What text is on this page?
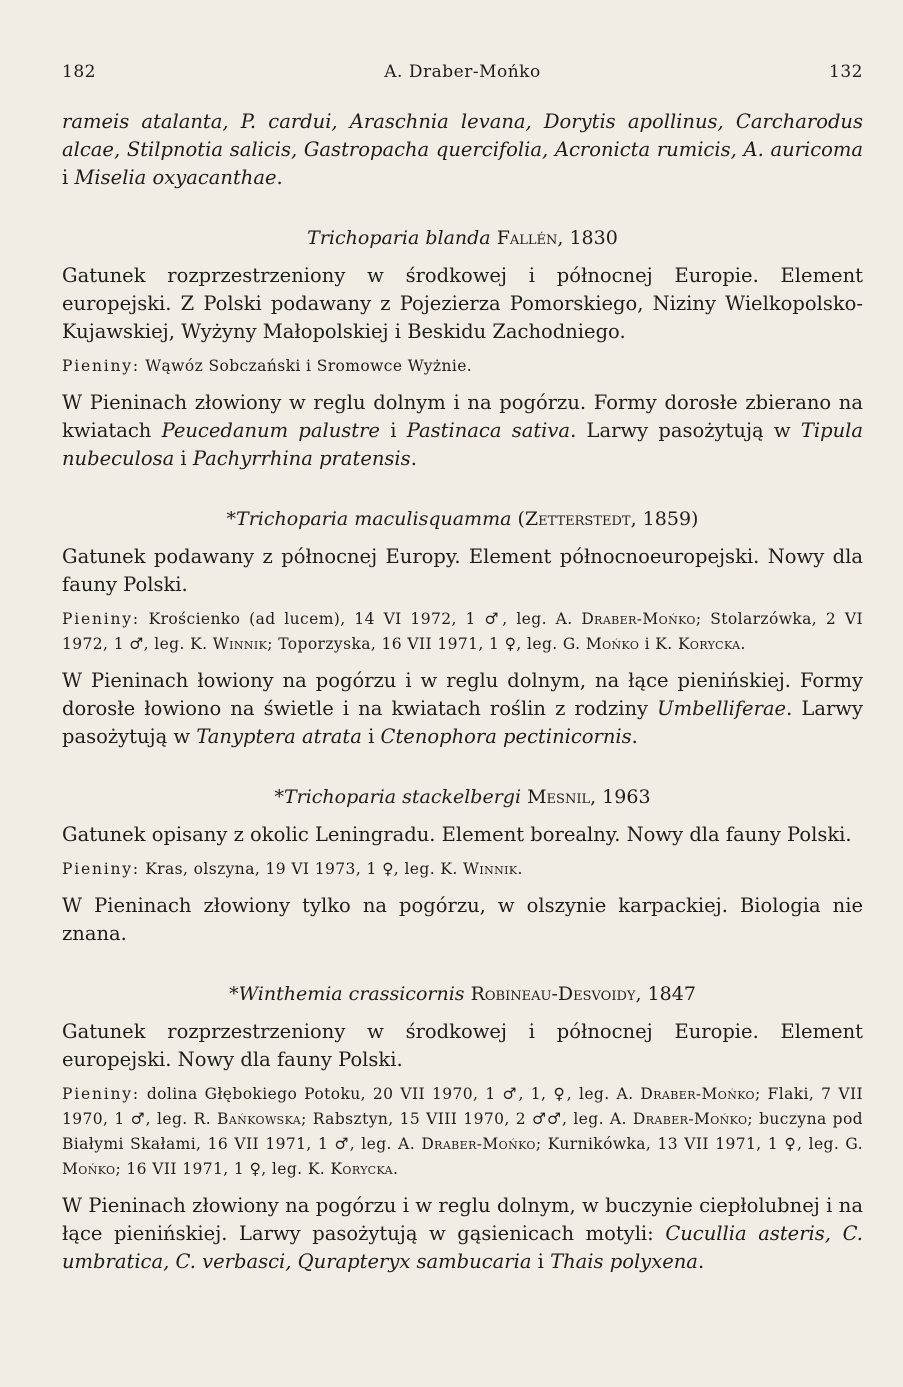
182	A. Draber-Mońko	132

rameis atalanta, P. cardui, Araschnia levana, Dorytis apollinus, Carcharodus alcae, Stilpnotia salicis, Gastropacha quercifolia, Acronicta rumicis, A. auricoma i Miselia oxyacanthae.

Trichoparia blanda Fallén, 1830

Gatunek rozprzestrzeniony w środkowej i północnej Europie. Element europejski. Z Polski podawany z Pojezierza Pomorskiego, Niziny Wielkopolsko-Kujawskiej, Wyżyny Małopolskiej i Beskidu Zachodniego.

Pieniny: Wąwóz Sobczański i Sromowce Wyżnie.

W Pieninach złowiony w reglu dolnym i na pogórzu. Formy dorosłe zbierano na kwiatach Peucedanum palustre i Pastinaca sativa. Larwy pasożytują w Tipula nubeculosa i Pachyrrhina pratensis.

*Trichoparia maculisquamma (Zetterstedt, 1859)

Gatunek podawany z północnej Europy. Element północnoeuropejski. Nowy dla fauny Polski.

Pieniny: Krościenko (ad lucem), 14 VI 1972, 1 ♂, leg. A. Draber-Mońko; Stolarzówka, 2 VI 1972, 1 ♂, leg. K. Winnik; Toporzyska, 16 VII 1971, 1 ♀, leg. G. Mońko i K. Korycka.

W Pieninach łowiony na pogórzu i w reglu dolnym, na łące pienińskiej. Formy dorosłe łowiono na świetle i na kwiatach roślin z rodziny Umbelliferae. Larwy pasożytują w Tanyptera atrata i Ctenophora pectinicornis.

*Trichoparia stackelbergi Mesnil, 1963

Gatunek opisany z okolic Leningradu. Element borealny. Nowy dla fauny Polski.

Pieniny: Kras, olszyna, 19 VI 1973, 1 ♀, leg. K. Winnik.

W Pieninach złowiony tylko na pogórzu, w olszynie karpackiej. Biologia nie znana.

*Winthemia crassicornis Robineau-Desvoidy, 1847

Gatunek rozprzestrzeniony w środkowej i północnej Europie. Element europejski. Nowy dla fauny Polski.

Pieniny: dolina Głębokiego Potoku, 20 VII 1970, 1 ♂, 1, ♀, leg. A. Draber-Mońko; Flaki, 7 VII 1970, 1 ♂, leg. R. Bańkowska; Rabsztyn, 15 VIII 1970, 2 ♂♂, leg. A. Draber-Mońko; buczyna pod Białymi Skałami, 16 VII 1971, 1 ♂, leg. A. Draber-Mońko; Kurnikówka, 13 VII 1971, 1 ♀, leg. G. Mońko; 16 VII 1971, 1 ♀, leg. K. Korycka.

W Pieninach złowiony na pogórzu i w reglu dolnym, w buczynie ciepłolubnej i na łące pienińskiej. Larwy pasożytują w gąsienicach motyli: Cucullia asteris, C. umbratica, C. verbasci, Qurapteryx sambucaria i Thais polyxena.
